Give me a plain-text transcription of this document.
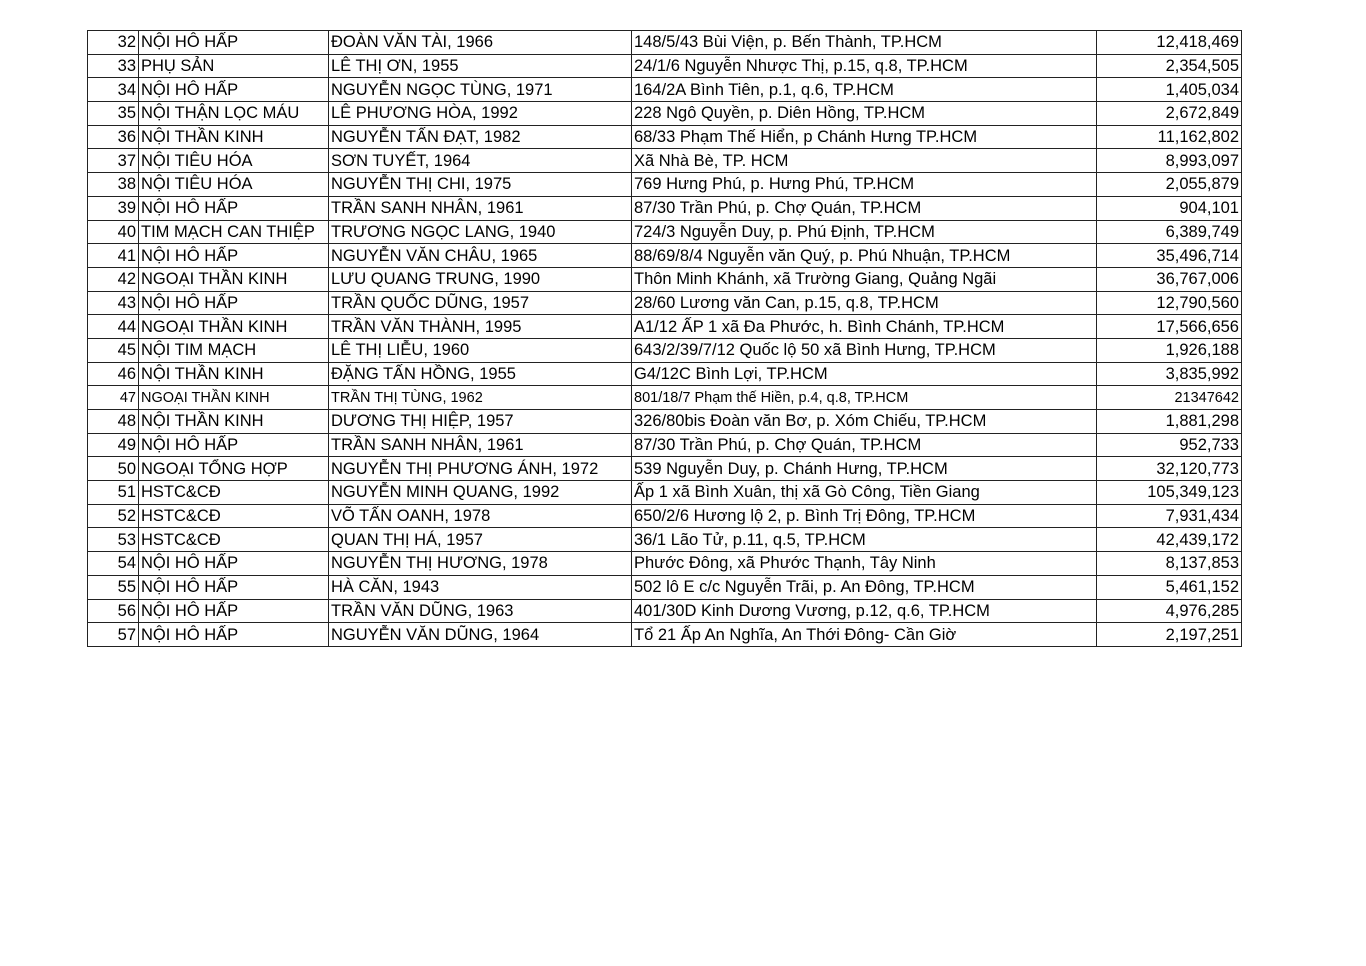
32	NỘI HÔ HẤP	ĐOÀN VĂN TÀI, 1966	148/5/43 Bùi Viện, p. Bến Thành, TP.HCM	12,418,469
33	PHỤ SẢN	LÊ THỊ ƠN, 1955	24/1/6 Nguyễn Nhược Thị, p.15, q.8, TP.HCM	2,354,505
34	NỘI HÔ HẤP	NGUYỄN NGỌC TÙNG, 1971	164/2A Bình Tiên, p.1, q.6, TP.HCM	1,405,034
35	NỘI THẬN LỌC MÁU	LÊ PHƯƠNG HÒA, 1992	228 Ngô Quyền, p. Diên Hồng, TP.HCM	2,672,849
36	NỘI THẦN KINH	NGUYỄN TẤN ĐẠT, 1982	68/33 Phạm Thế Hiển, p Chánh Hưng TP.HCM	11,162,802
37	NỘI TIÊU HÓA	SƠN TUYẾT, 1964	Xã Nhà Bè, TP. HCM	8,993,097
38	NỘI TIÊU HÓA	NGUYỄN THỊ CHI, 1975	769 Hưng Phú, p. Hưng Phú, TP.HCM	2,055,879
39	NỘI HÔ HẤP	TRẦN SANH NHÂN, 1961	87/30 Trần Phú, p. Chợ Quán, TP.HCM	904,101
40	TIM MẠCH CAN THIỆP	TRƯƠNG NGỌC LANG, 1940	724/3 Nguyễn Duy, p. Phú Định, TP.HCM	6,389,749
41	NỘI HÔ HẤP	NGUYỄN VĂN CHÂU, 1965	88/69/8/4 Nguyễn văn Quý, p. Phú Nhuận, TP.HCM	35,496,714
42	NGOẠI THẦN KINH	LƯU QUANG TRUNG, 1990	Thôn Minh Khánh, xã Trường Giang, Quảng Ngãi	36,767,006
43	NỘI HÔ HẤP	TRẦN QUỐC DŨNG, 1957	28/60 Lương văn Can, p.15, q.8, TP.HCM	12,790,560
44	NGOẠI THẦN KINH	TRẦN VĂN THÀNH, 1995	A1/12 ẤP 1 xã Đa Phước, h. Bình Chánh, TP.HCM	17,566,656
45	NỘI TIM MẠCH	LÊ THỊ LIỄU, 1960	643/2/39/7/12 Quốc lộ 50 xã Bình Hưng, TP.HCM	1,926,188
46	NỘI THẦN KINH	ĐẶNG TẤN HỒNG, 1955	G4/12C Bình Lợi, TP.HCM	3,835,992
47	NGOẠI THẦN KINH	TRẦN THỊ TÙNG, 1962	801/18/7 Phạm thế Hiền, p.4, q.8, TP.HCM	21347642
48	NỘI THẦN KINH	DƯƠNG THỊ HIỆP, 1957	326/80bis Đoàn văn Bơ, p. Xóm Chiếu, TP.HCM	1,881,298
49	NỘI HÔ HẤP	TRẦN SANH NHÂN, 1961	87/30 Trần Phú, p. Chợ Quán, TP.HCM	952,733
50	NGOẠI TỔNG HỢP	NGUYỄN THỊ PHƯƠNG ÁNH, 1972	539 Nguyễn Duy, p. Chánh Hưng, TP.HCM	32,120,773
51	HSTC&CĐ	NGUYỄN MINH QUANG, 1992	Ấp 1 xã Bình Xuân, thị xã Gò Công, Tiền Giang	105,349,123
52	HSTC&CĐ	VÕ TẤN OANH, 1978	650/2/6 Hương lộ 2, p. Bình Trị Đông, TP.HCM	7,931,434
53	HSTC&CĐ	QUAN THỊ HÁ, 1957	36/1 Lão Tử, p.11, q.5, TP.HCM	42,439,172
54	NỘI HÔ HẤP	NGUYỄN THỊ HƯƠNG, 1978	Phước Đông, xã Phước Thạnh, Tây Ninh	8,137,853
55	NỘI HÔ HẤP	HÀ CĂN, 1943	502 lô E c/c Nguyễn Trãi, p. An Đông, TP.HCM	5,461,152
56	NỘI HÔ HẤP	TRẦN VĂN DŨNG, 1963	401/30D Kinh Dương Vương, p.12, q.6, TP.HCM	4,976,285
57	NỘI HÔ HẤP	NGUYỄN VĂN DŨNG, 1964	Tổ 21 Ấp An Nghĩa, An Thới Đông- Cần Giờ	2,197,251
